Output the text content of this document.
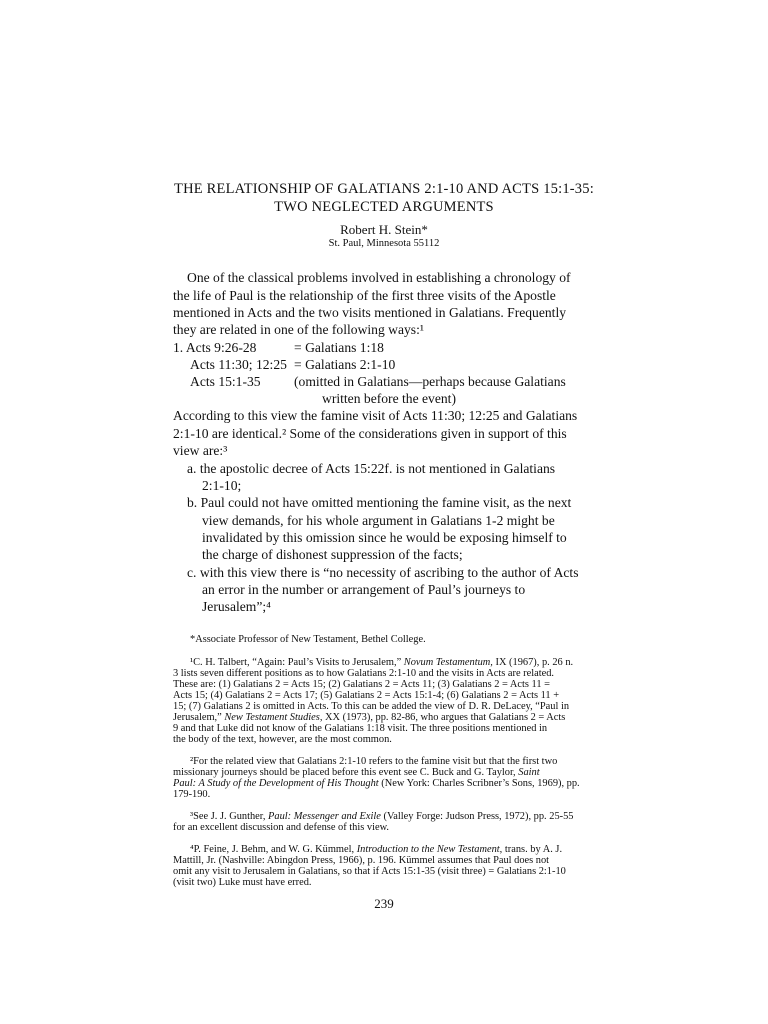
THE RELATIONSHIP OF GALATIANS 2:1-10 AND ACTS 15:1-35:
TWO NEGLECTED ARGUMENTS
Robert H. Stein*
St. Paul, Minnesota 55112
One of the classical problems involved in establishing a chronology of
the life of Paul is the relationship of the first three visits of the Apostle
mentioned in Acts and the two visits mentioned in Galatians. Frequently
they are related in one of the following ways:¹
1. Acts 9:26-28	= Galatians 1:18
Acts 11:30; 12:25 = Galatians 2:1-10
Acts 15:1-35 (omitted in Galatians—perhaps because Galatians
written before the event)
According to this view the famine visit of Acts 11:30; 12:25 and Galatians
2:1-10 are identical.² Some of the considerations given in support of this
view are:³
a. the apostolic decree of Acts 15:22f. is not mentioned in Galatians
2:1-10;
b. Paul could not have omitted mentioning the famine visit, as the next
view demands, for his whole argument in Galatians 1-2 might be
invalidated by this omission since he would be exposing himself to
the charge of dishonest suppression of the facts;
c. with this view there is “no necessity of ascribing to the author of Acts
an error in the number or arrangement of Paul’s journeys to
Jerusalem”;⁴
*Associate Professor of New Testament, Bethel College.
¹C. H. Talbert, “Again: Paul’s Visits to Jerusalem,” Novum Testamentum, IX (1967), p. 26 n.
3 lists seven different positions as to how Galatians 2:1-10 and the visits in Acts are related.
These are: (1) Galatians 2 = Acts 15; (2) Galatians 2 = Acts 11; (3) Galatians 2 = Acts 11 =
Acts 15; (4) Galatians 2 = Acts 17; (5) Galatians 2 = Acts 15:1-4; (6) Galatians 2 = Acts 11 +
15; (7) Galatians 2 is omitted in Acts. To this can be added the view of D. R. DeLacey, “Paul in
Jerusalem,” New Testament Studies, XX (1973), pp. 82-86, who argues that Galatians 2 = Acts
9 and that Luke did not know of the Galatians 1:18 visit. The three positions mentioned in
the body of the text, however, are the most common.
²For the related view that Galatians 2:1-10 refers to the famine visit but that the first two
missionary journeys should be placed before this event see C. Buck and G. Taylor, Saint
Paul: A Study of the Development of His Thought (New York: Charles Scribner’s Sons, 1969), pp.
179-190.
³See J. J. Gunther, Paul: Messenger and Exile (Valley Forge: Judson Press, 1972), pp. 25-55
for an excellent discussion and defense of this view.
⁴P. Feine, J. Behm, and W. G. Kümmel, Introduction to the New Testament, trans. by A. J.
Mattill, Jr. (Nashville: Abingdon Press, 1966), p. 196. Kümmel assumes that Paul does not
omit any visit to Jerusalem in Galatians, so that if Acts 15:1-35 (visit three) = Galatians 2:1-10
(visit two) Luke must have erred.
239
